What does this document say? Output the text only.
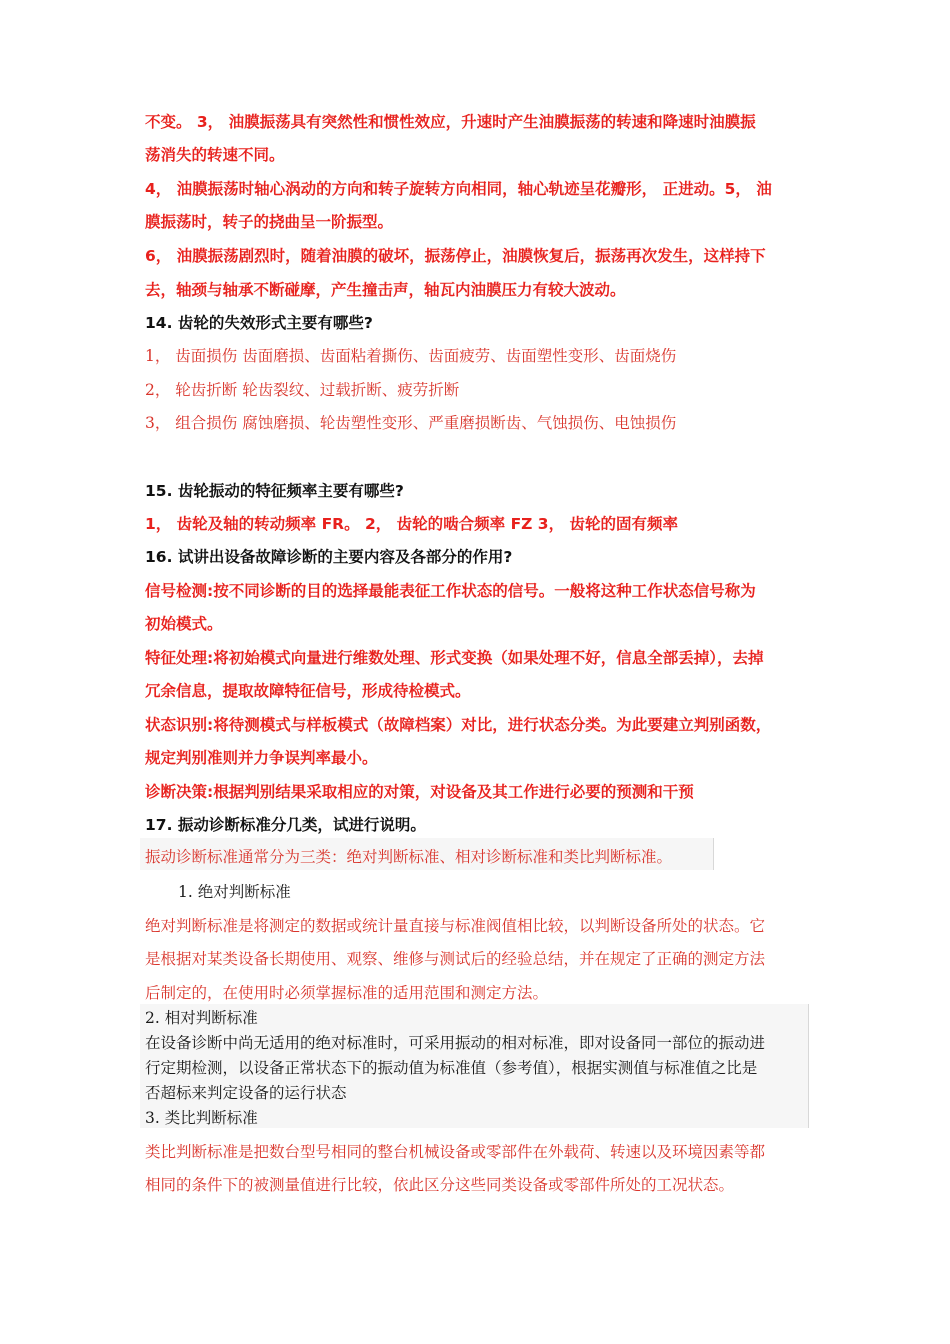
不变。 3， 油膜振荡具有突然性和惯性效应，升速时产生油膜振荡的转速和降速时油膜振
荡消失的转速不同。
4， 油膜振荡时轴心涡动的方向和转子旋转方向相同，轴心轨迹呈花瓣形， 正进动。5， 油
膜振荡时，转子的挠曲呈一阶振型。
6， 油膜振荡剧烈时，随着油膜的破坏，振荡停止，油膜恢复后，振荡再次发生，这样持下
去，轴颈与轴承不断碰摩，产生撞击声，轴瓦内油膜压力有较大波动。
14. 齿轮的失效形式主要有哪些?
1， 齿面损伤 齿面磨损、齿面粘着撕伤、齿面疲劳、齿面塑性变形、齿面烧伤
2， 轮齿折断 轮齿裂纹、过载折断、疲劳折断
3， 组合损伤 腐蚀磨损、轮齿塑性变形、严重磨损断齿、气蚀损伤、电蚀损伤
15. 齿轮振动的特征频率主要有哪些?
1， 齿轮及轴的转动频率 FR。 2， 齿轮的啮合频率 FZ 3， 齿轮的固有频率
16. 试讲出设备故障诊断的主要内容及各部分的作用?
信号检测:按不同诊断的目的选择最能表征工作状态的信号。一般将这种工作状态信号称为
初始模式。
特征处理:将初始模式向量进行维数处理、形式变换（如果处理不好，信息全部丢掉），去掉
冗余信息，提取故障特征信号，形成待检模式。
状态识别:将待测模式与样板模式（故障档案）对比，进行状态分类。为此要建立判别函数，
规定判别准则并力争误判率最小。
诊断决策:根据判别结果采取相应的对策，对设备及其工作进行必要的预测和干预
17. 振动诊断标准分几类，试进行说明。
振动诊断标准通常分为三类：绝对判断标准、相对诊断标准和类比判断标准。
1. 绝对判断标准
绝对判断标准是将测定的数据或统计量直接与标准阀值相比较，以判断设备所处的状态。它
是根据对某类设备长期使用、观察、维修与测试后的经验总结，并在规定了正确的测定方法
后制定的，在使用时必须掌握标准的适用范围和测定方法。
2. 相对判断标准
在设备诊断中尚无适用的绝对标准时，可采用振动的相对标准，即对设备同一部位的振动进
行定期检测，以设备正常状态下的振动值为标准值（参考值），根据实测值与标准值之比是
否超标来判定设备的运行状态
3. 类比判断标准
类比判断标准是把数台型号相同的整台机械设备或零部件在外载荷、转速以及环境因素等都
相同的条件下的被测量值进行比较，依此区分这些同类设备或零部件所处的工况状态。
